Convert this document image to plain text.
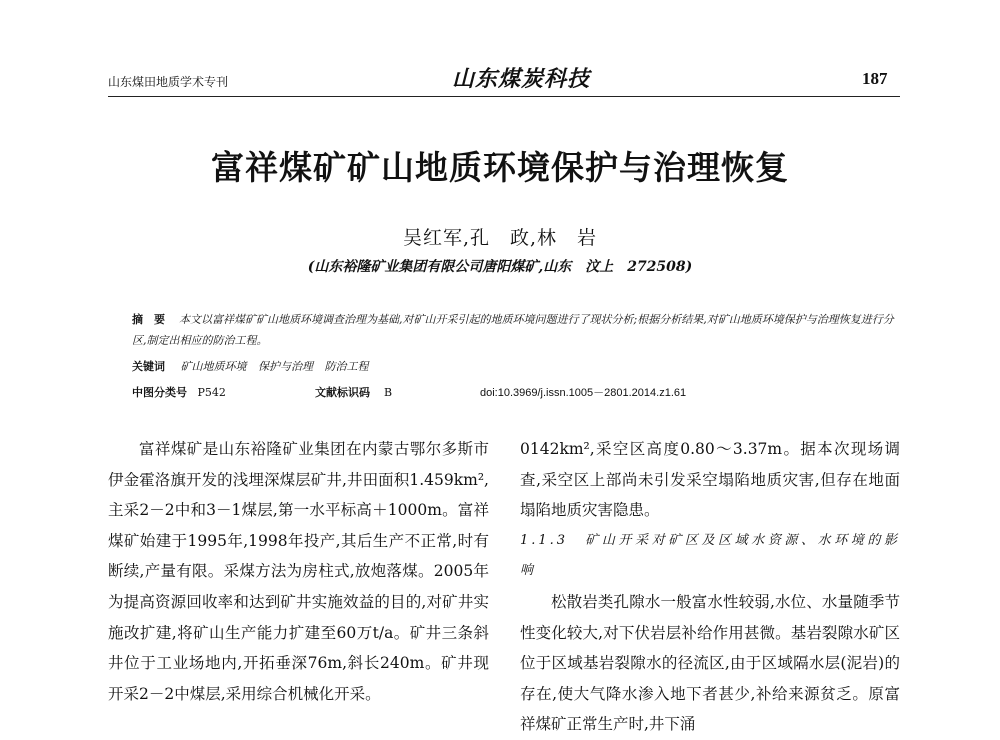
山东煤田地质学术专刊	山东煤炭科技	187
富祥煤矿矿山地质环境保护与治理恢复
吴红军,孔　政,林　岩
(山东裕隆矿业集团有限公司唐阳煤矿,山东　汶上　272508)
摘　要 本文以富祥煤矿矿山地质环境调查治理为基础,对矿山开采引起的地质环境问题进行了现状分析;根据分析结果,对矿山地质环境保护与治理恢复进行分区,制定出相应的防治工程。
关键词 矿山地质环境 保护与治理 防治工程
中图分类号 P542	文献标识码 B	doi:10.3969/j.issn.1005－2801.2014.z1.61

富祥煤矿是山东裕隆矿业集团在内蒙古鄂尔多斯市伊金霍洛旗开发的浅埋深煤层矿井,井田面积1.459km²,主采2－2中和3－1煤层,第一水平标高＋1000m。富祥煤矿始建于1995年,1998年投产,其后生产不正常,时有断续,产量有限。采煤方法为房柱式,放炮落煤。2005年为提高资源回收率和达到矿井实施效益的目的,对矿井实施改扩建,将矿山生产能力扩建至60万t/a。矿井三条斜井位于工业场地内,开拓垂深76m,斜长240m。矿井现开采2－2中煤层,采用综合机械化开采。

0142km²,采空区高度0.80～3.37m。据本次现场调查,采空区上部尚未引发采空塌陷地质灾害,但存在地面塌陷地质灾害隐患。

1.1.3　矿山开采对矿区及区域水资源、水环境的影响

松散岩类孔隙水一般富水性较弱,水位、水量随季节性变化较大,对下伏岩层补给作用甚微。基岩裂隙水矿区位于区域基岩裂隙水的径流区,由于区域隔水层(泥岩)的存在,使大气降水渗入地下者甚少,补给来源贫乏。原富祥煤矿正常生产时,井下涌
